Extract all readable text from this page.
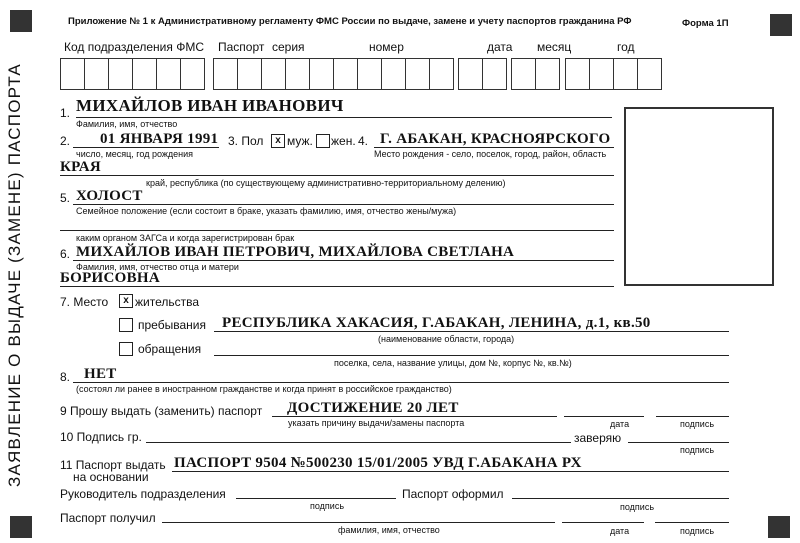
Приложение № 1 к Административному регламенту ФМС России по выдаче, замене и учету паспортов гражданина РФ	Форма 1П
Код подразделения ФМС Паспорт серия	номер	дата месяц	год
ЗАЯВЛЕНИЕ О ВЫДАЧЕ (ЗАМЕНЕ) ПАСПОРТА	1. МИХАЙЛОВ ИВАН ИВАНОВИЧ
Фамилия, имя, отчество
2. 01 ЯНВАРЯ 1991
число, месяц, год рождения
3. Пол	х муж. жен. 4. Г. АБАКАН, КРАСНОЯРСКОГО
Место рождения - село, поселок, город, район, область
КРАЯ
край, республика (по существующему административно-территориальному делению)
5. ХОЛОСТ
Семейное положение (если состоит в браке, указать фамилию, имя, отчество жены/мужа)
каким органом ЗАГСа и когда зарегистрирован брак
6. МИХАЙЛОВ ИВАН ПЕТРОВИЧ, МИХАЙЛОВА СВЕТЛАНА
Фамилия, имя, отчество отца и матери
БОРИСОВНА
7. Место	х жительства
пребывания РЕСПУБЛИКА ХАКАСИЯ, Г.АБАКАН, ЛЕНИНА, д.1, кв.50
(наименование области, города)
обращения
поселка, села, название улицы, дом №, корпус №, кв.№)
8. НЕТ
(состоял ли ранее в иностранном гражданстве и когда принят в российское гражданство)
9 Прошу выдать (заменить) паспорт ДОСТИЖЕНИЕ 20 ЛЕТ
указать причину выдачи/замены паспорта	дата	подпись
10 Подпись гр.	заверяю
подпись
11 Паспорт выдать
на основании
ПАСПОРТ 9504 №500230 15/01/2005 УВД Г.АБАКАНА РХ
Руководитель подразделения
подпись
Паспорт оформил
подпись
Паспорт получил
фамилия, имя, отчество	дата	подпись
